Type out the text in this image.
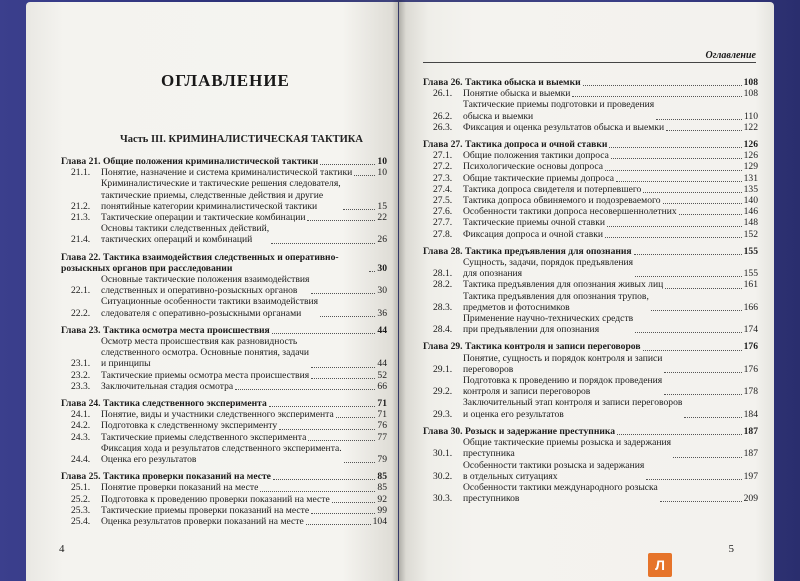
ОГЛАВЛЕНИЕ
Часть III. КРИМИНАЛИСТИЧЕСКАЯ ТАКТИКА
Глава 21. Общие положения криминалистической тактики	10
21.1.	Понятие, назначение и система криминалистической тактики	10
21.2.
Криминалистические и тактические решения следователя,
тактические приемы, следственные действия и другие
понятийные категории криминалистической тактики	15
21.3.	Тактические операции и тактические комбинации	22
21.4.
Основы тактики следственных действий,
тактических операций и комбинаций	26
Глава 22. Тактика взаимодействия следственных и оперативно-розыскных органов при расследовании	30
22.1.
Основные тактические положения взаимодействия
следственных и оперативно-розыскных органов	30
22.2.
Ситуационные особенности тактики взаимодействия
следователя с оперативно-розыскными органами	36
Глава 23. Тактика осмотра места происшествия	44
23.1.
Осмотр места происшествия как разновидность
следственного осмотра. Основные понятия, задачи
и принципы	44
23.2.	Тактические приемы осмотра места происшествия	52
23.3.	Заключительная стадия осмотра	66
Глава 24. Тактика следственного эксперимента	71
24.1.	Понятие, виды и участники следственного эксперимента	71
24.2.	Подготовка к следственному эксперименту	76
24.3.	Тактические приемы следственного эксперимента	77
24.4.
Фиксация хода и результатов следственного эксперимента.
Оценка его результатов	79
Глава 25. Тактика проверки показаний на месте	85
25.1.	Понятие проверки показаний на месте	85
25.2.	Подготовка к проведению проверки показаний на месте	92
25.3.	Тактические приемы проверки показаний на месте	99
25.4.	Оценка результатов проверки показаний на месте	104
4
Оглавление
Глава 26. Тактика обыска и выемки	108
26.1.	Понятие обыска и выемки	108
26.2.
Тактические приемы подготовки и проведения
обыска и выемки	110
26.3.	Фиксация и оценка результатов обыска и выемки	122
Глава 27. Тактика допроса и очной ставки	126
27.1.	Общие положения тактики допроса	126
27.2.	Психологические основы допроса	129
27.3.	Общие тактические приемы допроса	131
27.4.	Тактика допроса свидетеля и потерпевшего	135
27.5.	Тактика допроса обвиняемого и подозреваемого	140
27.6.	Особенности тактики допроса несовершеннолетних	146
27.7.	Тактические приемы очной ставки	148
27.8.	Фиксация допроса и очной ставки	152
Глава 28. Тактика предъявления для опознания	155
28.1.
Сущность, задачи, порядок предъявления
для опознания	155
28.2.	Тактика предъявления для опознания живых лиц	161
28.3.
Тактика предъявления для опознания трупов,
предметов и фотоснимков	166
28.4.
Применение научно-технических средств
при предъявлении для опознания	174
Глава 29. Тактика контроля и записи переговоров	176
29.1.
Понятие, сущность и порядок контроля и записи
переговоров	176
29.2.
Подготовка к проведению и порядок проведения
контроля и записи переговоров	178
29.3.
Заключительный этап контроля и записи переговоров
и оценка его результатов	184
Глава 30. Розыск и задержание преступника	187
30.1.
Общие тактические приемы розыска и задержания
преступника	187
30.2.
Особенности тактики розыска и задержания
в отдельных ситуациях	197
30.3.
Особенности тактики международного розыска
преступников	209
5
Л
